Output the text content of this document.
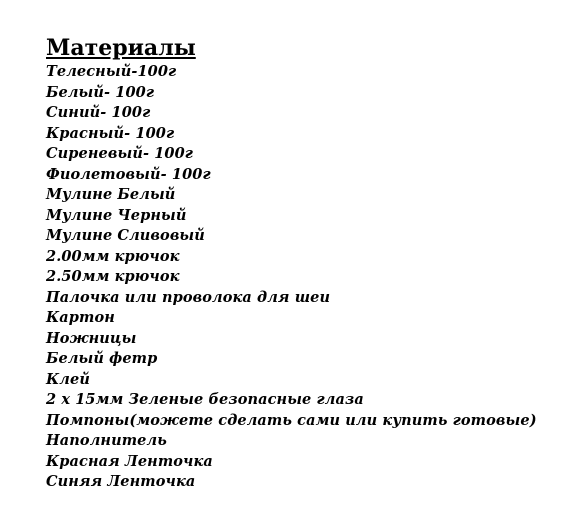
Материалы
Телесный-100г
Белый- 100г
Синий- 100г
Красный- 100г
Сиреневый- 100г
Фиолетовый- 100г
Мулине Белый
Мулине Черный
Мулине Сливовый
2.00мм крючок
2.50мм крючок
Палочка или проволока для шеи
Картон
Ножницы
Белый фетр
Клей
2 х 15мм Зеленые безопасные глаза
Помпоны(можете сделать сами или купить готовые)
Наполнитель
Красная Ленточка
Синяя Ленточка
